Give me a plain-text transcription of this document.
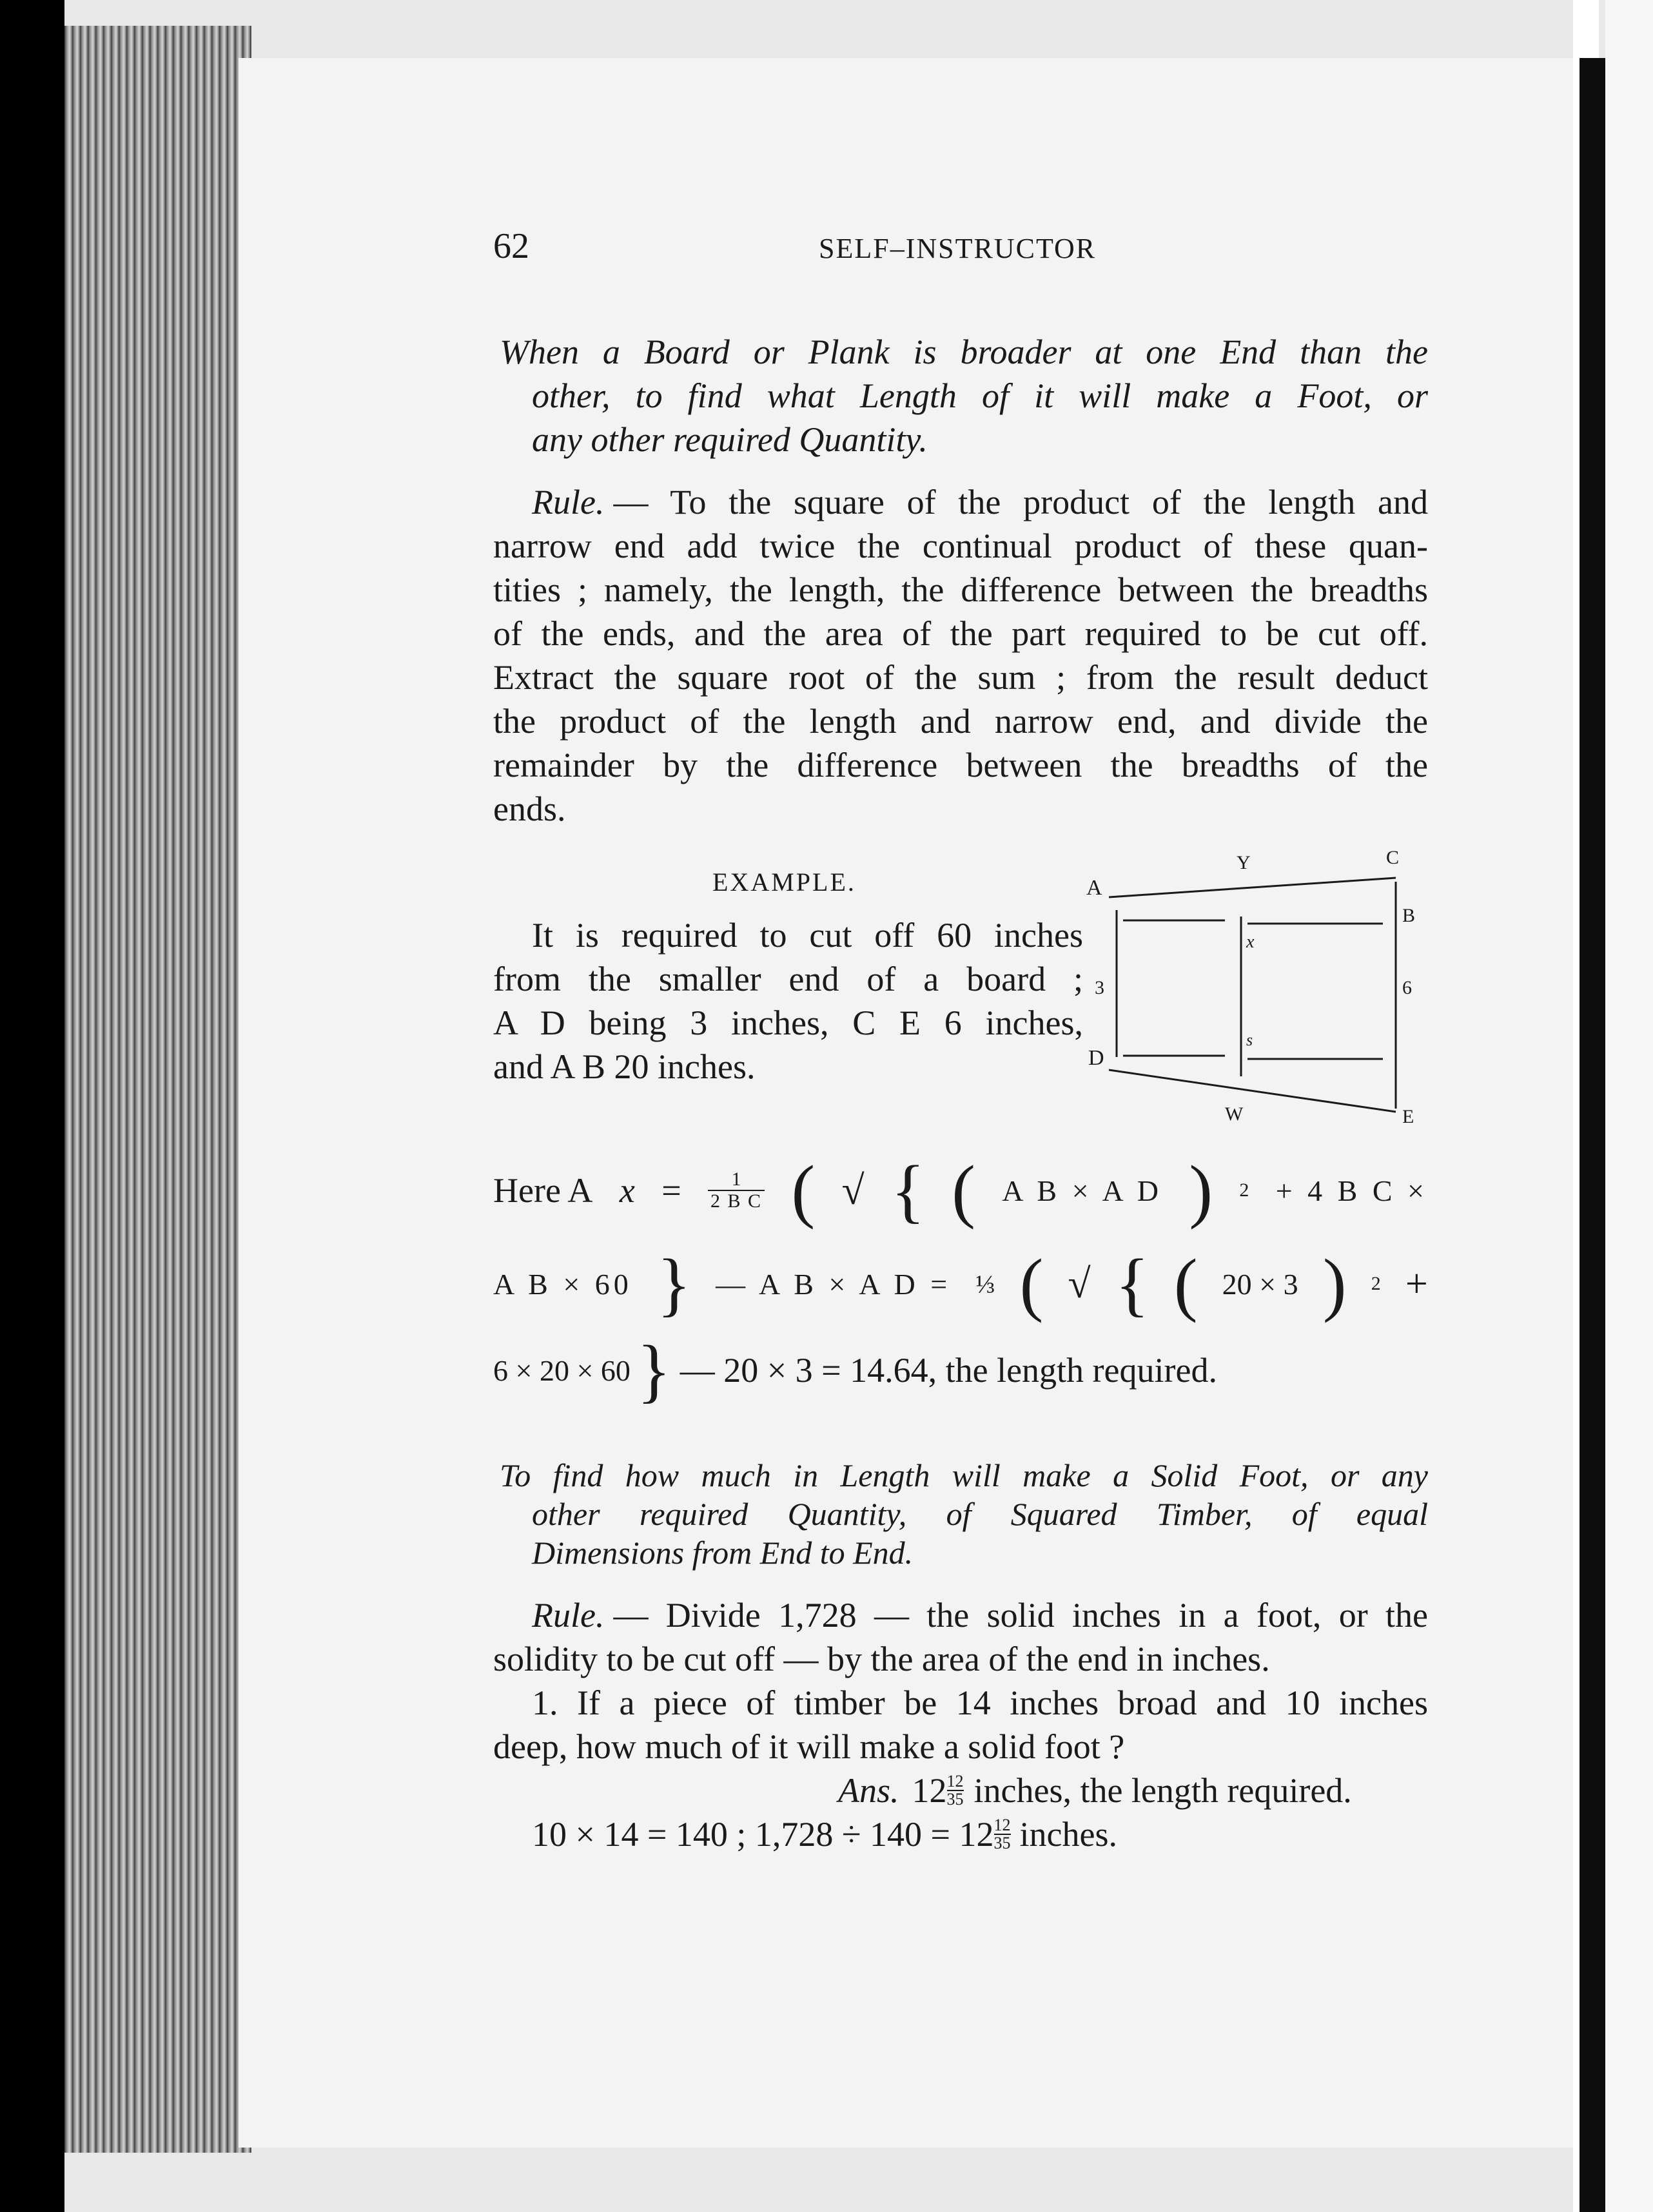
62	SELF–INSTRUCTOR
When a Board or Plank is broader at one End than the
other, to find what Length of it will make a Foot, or
any other required Quantity.
Rule. — To the square of the product of the length and
narrow end add twice the continual product of these quan-
tities ; namely, the length, the difference between the breadths
of the ends, and the area of the part required to be cut off.
Extract the square root of the sum ; from the result deduct
the product of the length and narrow end, and divide the
remainder by the difference between the breadths of the
ends.
EXAMPLE.
It is required to cut off 60 inches
from the smaller end of a board ;
A D being 3 inches, C E 6 inches,
and A B 20 inches.
A
Y	C
B
x
3	6
s
D
W	E
Here A $x = \frac{1}{\text{2 B C}}$ ( √ { ( A B × A D ) 2 + 4 B C ×
A B × 60 } — A B × A D = ⅓ ( √ { ( 20 × 3 ) 2 +
6 × 20 × 60 } — 20 × 3 = 14.64, the length required.
To find how much in Length will make a Solid Foot, or any
other required Quantity, of Squared Timber, of equal
Dimensions from End to End.
Rule. — Divide 1,728 — the solid inches in a foot, or the
solidity to be cut off — by the area of the end in inches.
1. If a piece of timber be 14 inches broad and 10 inches
deep, how much of it will make a solid foot ?
Ans. $12 \frac{12}{35}$ inches, the length required.
10 × 14 = 140 ; $1,728 \div 140 = 12 \frac{12}{35}$ inches.
